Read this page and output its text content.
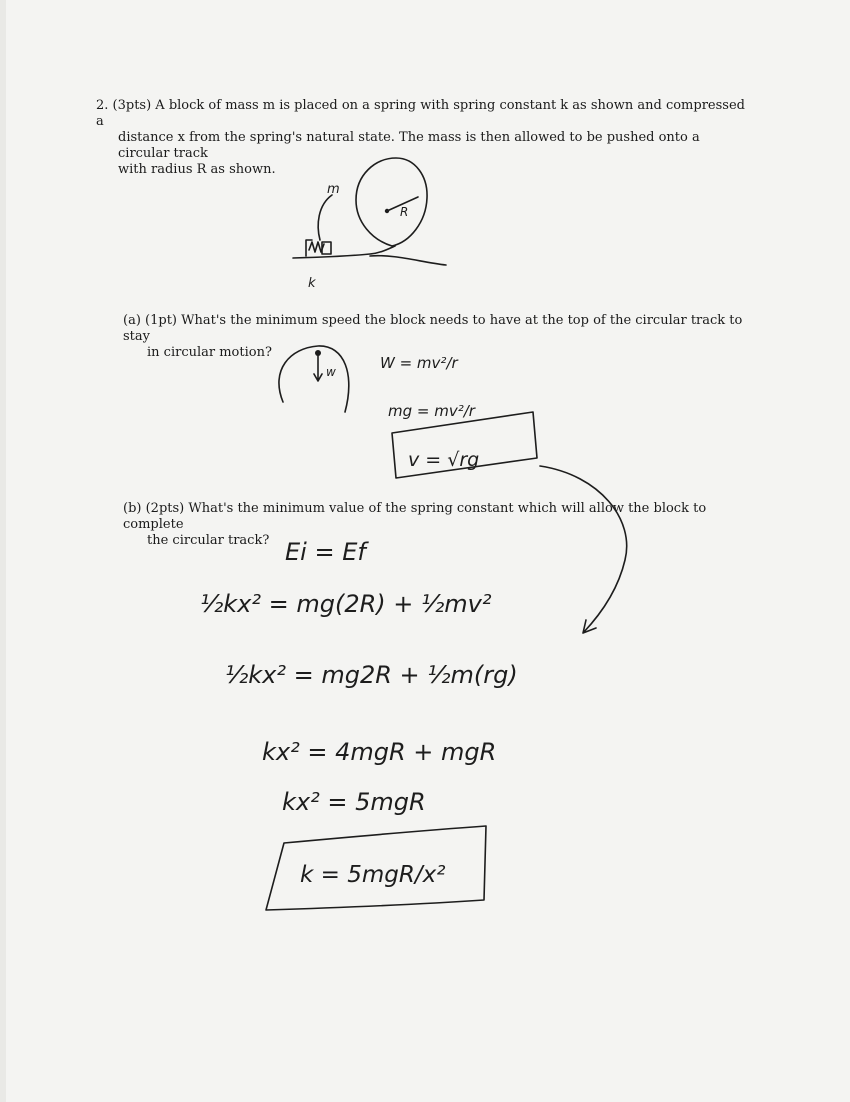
2. (3pts) A block of mass m is placed on a spring with spring constant k as shown and compressed a
distance x from the spring's natural state. The mass is then allowed to be pushed onto a circular track
with radius R as shown.
(a) (1pt) What's the minimum speed the block needs to have at the top of the circular track to stay
in circular motion?
(b) (2pts) What's the minimum value of the spring constant which will allow the block to complete
the circular track?
R
m
k
w	W = mv²/r
mg = mv²/r
v = √rg
Ei = Ef
½kx² = mg(2R) + ½mv²
½kx² = mg2R + ½m(rg)
kx² = 4mgR + mgR
kx² = 5mgR
k = 5mgR/x²
